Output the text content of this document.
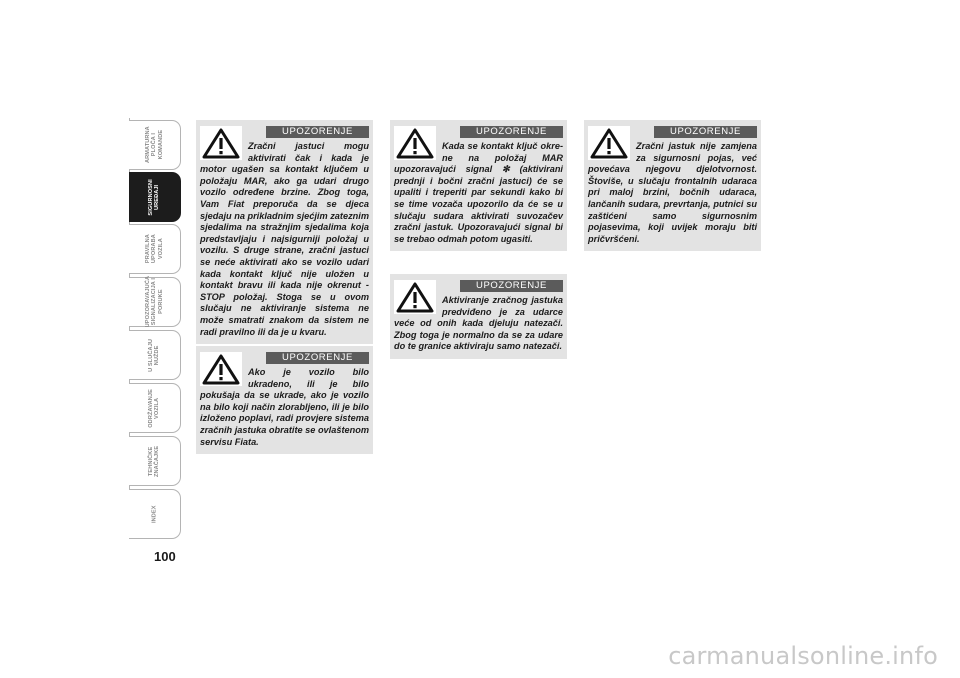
ARMATURNA
PLOČA I
KOMANDE
SIGURNOSNI
UREĐAJI
PRAVILNA
UPORABA
VOZILA
UPOZORAVAJUĆA
SIGNALIZACIJA I
PORUKE
U SLUČAJU
NUŽDE
ODRŽAVANJE
VOZILA
TEHNIČKE
ZNAČAJKE
INDEX
100
UPOZORENJE
Zračni jastuci mogu aktivirati čak i kada je motor ugašen sa kontakt ključem u položaju MAR, ako ga udari drugo vozilo određene brzine. Zbog toga, Vam Fiat preporuča da se djeca sjedaju na prikladnim sjećjim zateznim sjedalima na stražnjim sjedalima koja predstavljaju i najsigurniji položaj u vozilu. S druge strane, zračni jastuci se neće aktivirati ako se vozilo udari kada kontakt ključ nije uložen u kontakt bravu ili kada nije okrenut - STOP položaj. Stoga se u ovom slučaju ne aktiviranje sistema ne može smatrati znakom da sistem ne radi pravilno ili da je u kvaru.
UPOZORENJE
Ako je vozilo bilo ukradeno, ili je bilo pokušaja da se ukrade, ako je vozilo na bilo koji način zlorabljeno, ili je bilo izloženo poplavi, radi provjere sistema zračnih jastuka obratite se ovlaštenom servisu Fiata.
UPOZORENJE
Kada se kontakt ključ okrene na položaj MAR upozoravajući signal ✻ (aktivirani prednji i bočni zračni jastuci) će se upaliti i treperiti par sekundi kako bi se time vozača upozorilo da će se u slučaju sudara aktivirati suvozačev zračni jastuk. Upozoravajući signal bi se trebao odmah potom ugasiti.
UPOZORENJE
Aktiviranje zračnog jastuka predviđeno je za udarce veće od onih kada djeluju natezači. Zbog toga je normalno da se za udare do te granice aktiviraju samo natezači.
UPOZORENJE
Zračni jastuk nije zamjena za sigurnosni pojas, već povećava njegovu djelotvornost. Štoviše, u slučaju frontalnih udaraca pri maloj brzini, bočnih udaraca, lančanih sudara, prevrtanja, putnici su zaštićeni samo sigurnosnim pojasevima, koji uvijek moraju biti pričvršćeni.
carmanualsonline.info
